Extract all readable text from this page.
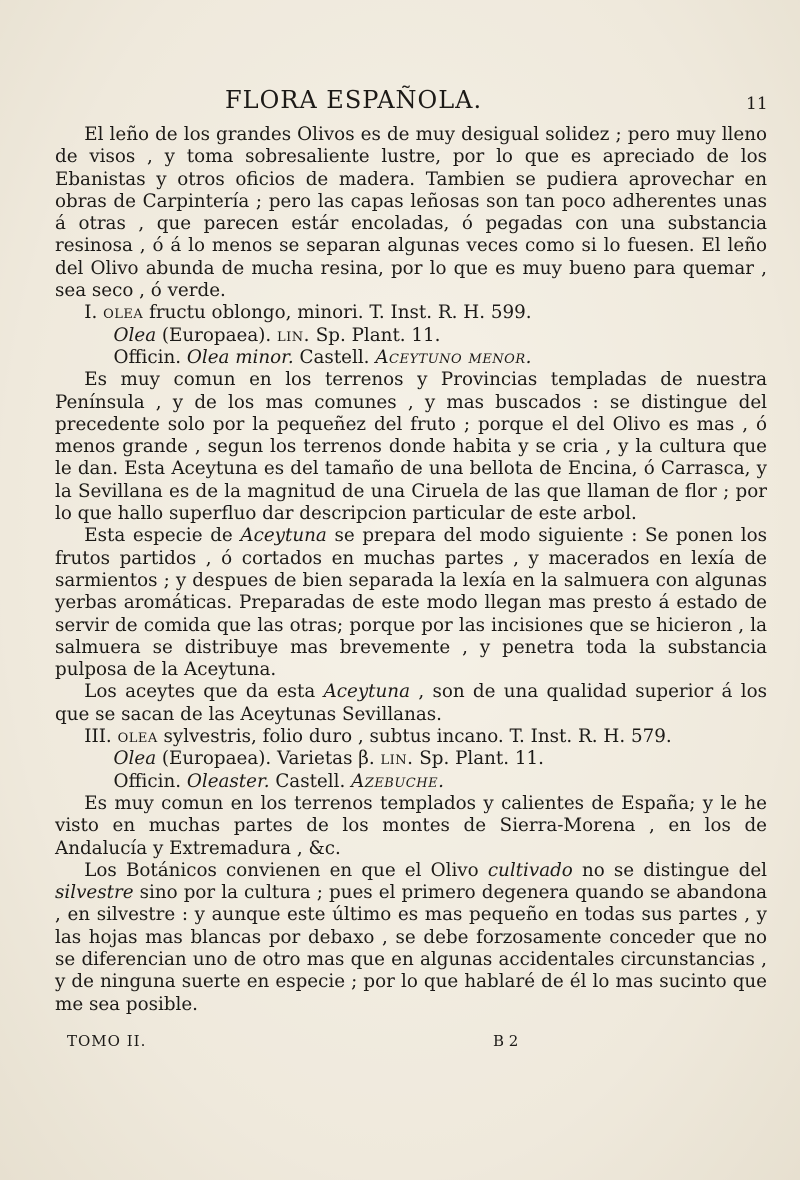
FLORA ESPAÑOLA.	11

El leño de los grandes Olivos es de muy desigual solidez ; pero muy lleno de visos , y toma sobresaliente lustre, por lo que es apreciado de los Ebanistas y otros oficios de madera. Tambien se pudiera aprovechar en obras de Carpintería ; pero las capas leñosas son tan poco adherentes unas á otras , que parecen estár encoladas, ó pegadas con una substancia resinosa , ó á lo menos se separan algunas veces como si lo fuesen. El leño del Olivo abunda de mucha resina, por lo que es muy bueno para quemar , sea seco , ó verde.

I. olea fructu oblongo, minori. T. Inst. R. H. 599.

Olea (Europaea). lin. Sp. Plant. 11.

Officin. Olea minor. Castell. Aceytuno menor.

Es muy comun en los terrenos y Provincias templadas de nuestra Península , y de los mas comunes , y mas buscados : se distingue del precedente solo por la pequeñez del fruto ; porque el del Olivo es mas , ó menos grande , segun los terrenos donde habita y se cria , y la cultura que le dan. Esta Aceytuna es del tamaño de una bellota de Encina, ó Carrasca, y la Sevillana es de la magnitud de una Ciruela de las que llaman de flor ; por lo que hallo superfluo dar descripcion particular de este arbol.

Esta especie de Aceytuna se prepara del modo siguiente : Se ponen los frutos partidos , ó cortados en muchas partes , y macerados en lexía de sarmientos ; y despues de bien separada la lexía en la salmuera con algunas yerbas aromáticas. Preparadas de este modo llegan mas presto á estado de servir de comida que las otras; porque por las incisiones que se hicieron , la salmuera se distribuye mas brevemente , y penetra toda la substancia pulposa de la Aceytuna.

Los aceytes que da esta Aceytuna , son de una qualidad superior á los que se sacan de las Aceytunas Sevillanas.

III. olea sylvestris, folio duro , subtus incano. T. Inst. R. H. 579.

Olea (Europaea). Varietas β. lin. Sp. Plant. 11.

Officin. Oleaster. Castell. Azebuche.

Es muy comun en los terrenos templados y calientes de España; y le he visto en muchas partes de los montes de Sierra-Morena , en los de Andalucía y Extremadura , &c.

Los Botánicos convienen en que el Olivo cultivado no se distingue del silvestre sino por la cultura ; pues el primero degenera quando se abandona , en silvestre : y aunque este último es mas pequeño en todas sus partes , y las hojas mas blancas por debaxo , se debe forzosamente conceder que no se diferencian uno de otro mas que en algunas accidentales circunstancias , y de ninguna suerte en especie ; por lo que hablaré de él lo mas sucinto que me sea posible.

TOMO II.	B 2
